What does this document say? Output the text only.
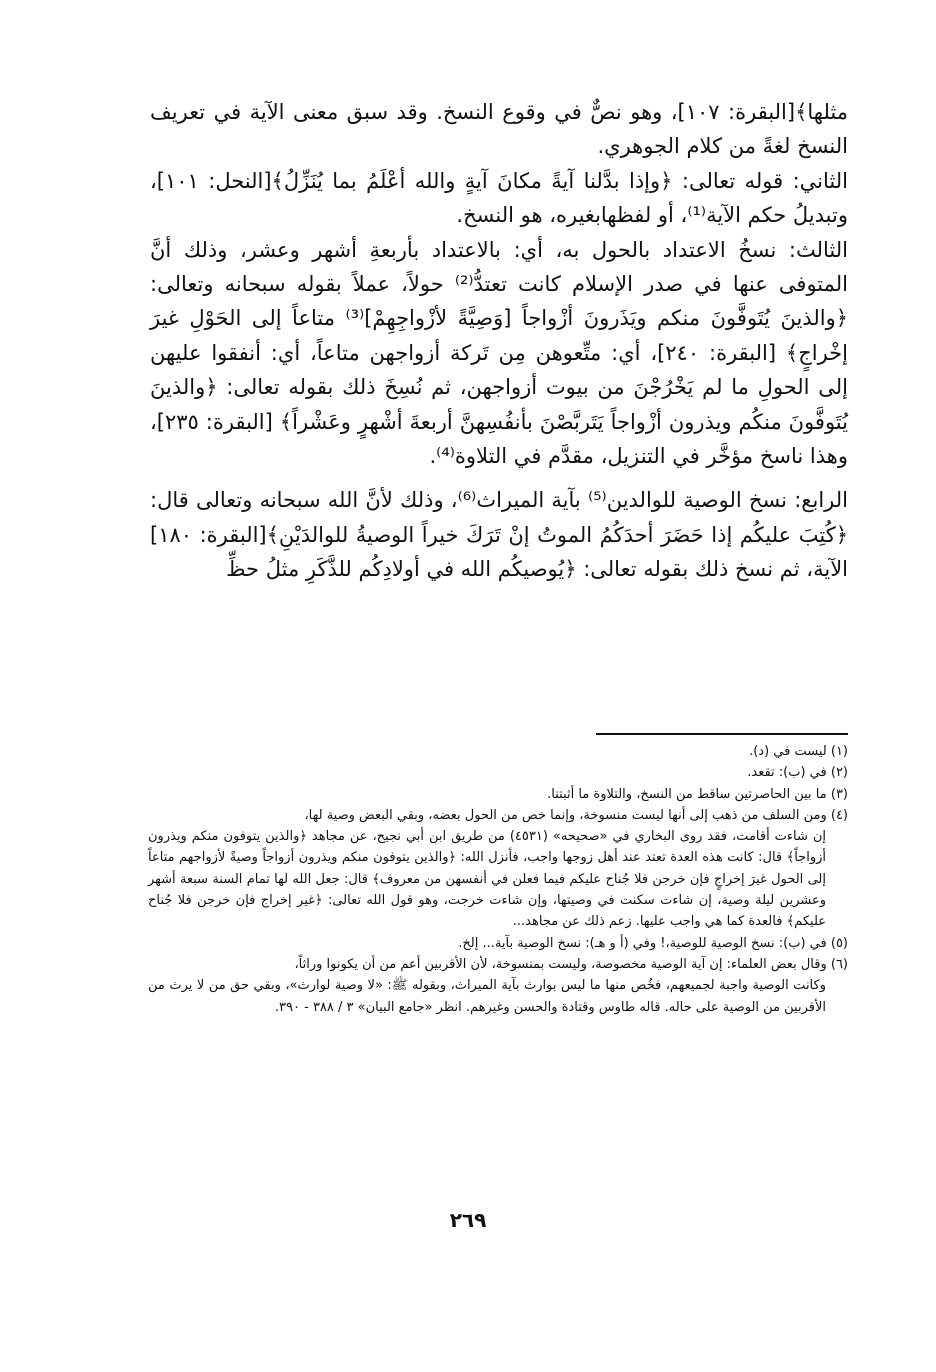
مثلها﴾[البقرة: ١٠٧]، وهو نصٌّ في وقوع النسخ. وقد سبق معنى الآية في تعريف النسخ لغةً من كلام الجوهري.

الثاني: قوله تعالى: ﴿وإذا بدَّلنا آيةً مكانَ آيةٍ والله أعْلَمُ بما يُنَزِّلُ﴾[النحل: ١٠١]، وتبديلُ حكم الآية⁽¹⁾، أو لفظهابغيره، هو النسخ.

الثالث: نسخُ الاعتداد بالحول به، أي: بالاعتداد بأربعةِ أشهر وعشر، وذلك أنَّ المتوفى عنها في صدر الإسلام كانت تعتدُّ⁽²⁾ حولاً، عملاً بقوله سبحانه وتعالى: ﴿والذينَ يُتَوفَّونَ منكم ويَذَرونَ أزْواجاً [وَصِيَّةً لأزْواجِهِمْ]⁽³⁾ متاعاً إلى الحَوْلِ غيرَ إخْراجٍ﴾ [البقرة: ٢٤٠]، أي: متِّعوهن مِن تَركة أزواجهن متاعاً، أي: أنفقوا عليهن إلى الحولِ ما لم يَخْرُجْنَ من بيوت أزواجهن، ثم نُسِخَ ذلك بقوله تعالى: ﴿والذينَ يُتَوفَّونَ منكُم ويذرون أزْواجاً يَتَربَّصْنَ بأنفُسِهنَّ أربعةَ أشْهرٍ وعَشْراً﴾ [البقرة: ٢٣٥]، وهذا ناسخ مؤخَّر في التنزيل، مقدَّم في التلاوة⁽⁴⁾.

الرابع: نسخ الوصية للوالدين⁽⁵⁾ بآية الميراث⁽⁶⁾، وذلك لأنَّ الله سبحانه وتعالى قال: ﴿كُتِبَ عليكُم إذا حَضَرَ أحدَكُمُ الموتُ إنْ تَرَكَ خيراً الوصيةُ للوالدَيْنِ﴾[البقرة: ١٨٠] الآية، ثم نسخ ذلك بقوله تعالى: ﴿يُوصيكُم الله في أولادِكُم للذَّكَرِ مثلُ حظِّ

(١) ليست في (د).

(٢) في (ب): تقعد.

(٣) ما بين الحاصرتين ساقط من النسخ، والتلاوة ما أثبتنا.

(٤) ومن السلف من ذهب إلى أنها ليست منسوخة، وإنما خص من الحول بعضه، وبقي البعض وصية لها،

إن شاءت أقامت، فقد روى البخاري في «صحيحه» (٤٥٣١) من طريق ابن أبي نجيح، عن مجاهد ﴿والذين يتوفون منكم ويذرون أزواجاً﴾ قال: كانت هذه العدة تعتد عند أهل زوجها واجب، فأنزل الله: ﴿والذين يتوفون منكم ويذرون أزواجاً وصيةً لأزواجهم متاعاً إلى الحول غيرَ إخراجٍ فإن خرجن فلا جُناح عليكم فيما فعلن في أنفسهن من معروف﴾ قال: جعل الله لها تمام السنة سبعة أشهر وعشرين ليلة وصية، إن شاءت سكنت في وصيتها، وإن شاءت خرجت، وهو قول الله تعالى: ﴿غير إخراج فإن خرجن فلا جُناح عليكم﴾ فالعدة كما هي واجب عليها. زعم ذلك عن مجاهد...

(٥) في (ب): نسخ الوصية للوصية،! وفي (أ و هـ): نسخ الوصية بآية... إلخ.

(٦) وقال بعض العلماء: إن آية الوصية مخصوصة، وليست بمنسوخة، لأن الأقربين أعم من أن يكونوا وراثاً،

وكانت الوصية واجبة لجميعهم، فخُص منها ما ليس بوارث بآية الميراث، وبقوله ﷺ: «لا وصية لوارث»، وبقي حق من لا يرث من الأقربين من الوصية على حاله. قاله طاوس وقتادة والحسن وغيرهم. انظر «جامع البيان» ٣ / ٣٨٨ - ٣٩٠.

٢٦٩
